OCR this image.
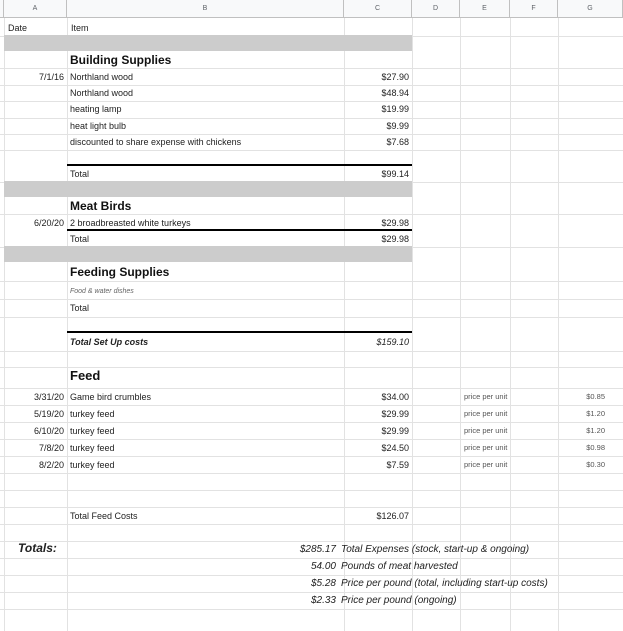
A	B	C	D	E	F	G
Date	Item
Building Supplies
7/1/16 Northland wood	$27.90
Northland wood	$48.94
heating lamp	$19.99
heat light bulb	$9.99
discounted to share expense with chickens	$7.68
Total	$99.14
Meat Birds
6/20/20 2 broadbreasted white turkeys	$29.98
Total	$29.98
Feeding Supplies
Food & water dishes
Total
Total Set Up costs	$159.10
Feed
3/31/20 Game bird crumbles	$34.00	price per unit	$0.85
5/19/20 turkey feed	$29.99	price per unit	$1.20
6/10/20 turkey feed	$29.99	price per unit	$1.20
7/8/20 turkey feed	$24.50	price per unit	$0.98
8/2/20 turkey feed	$7.59	price per unit	$0.30
Total Feed Costs	$126.07
Totals:	$285.17 Total Expenses (stock, start-up & ongoing)
54.00 Pounds of meat harvested
$5.28 Price per pound (total, including start-up costs)
$2.33 Price per pound (ongoing)
